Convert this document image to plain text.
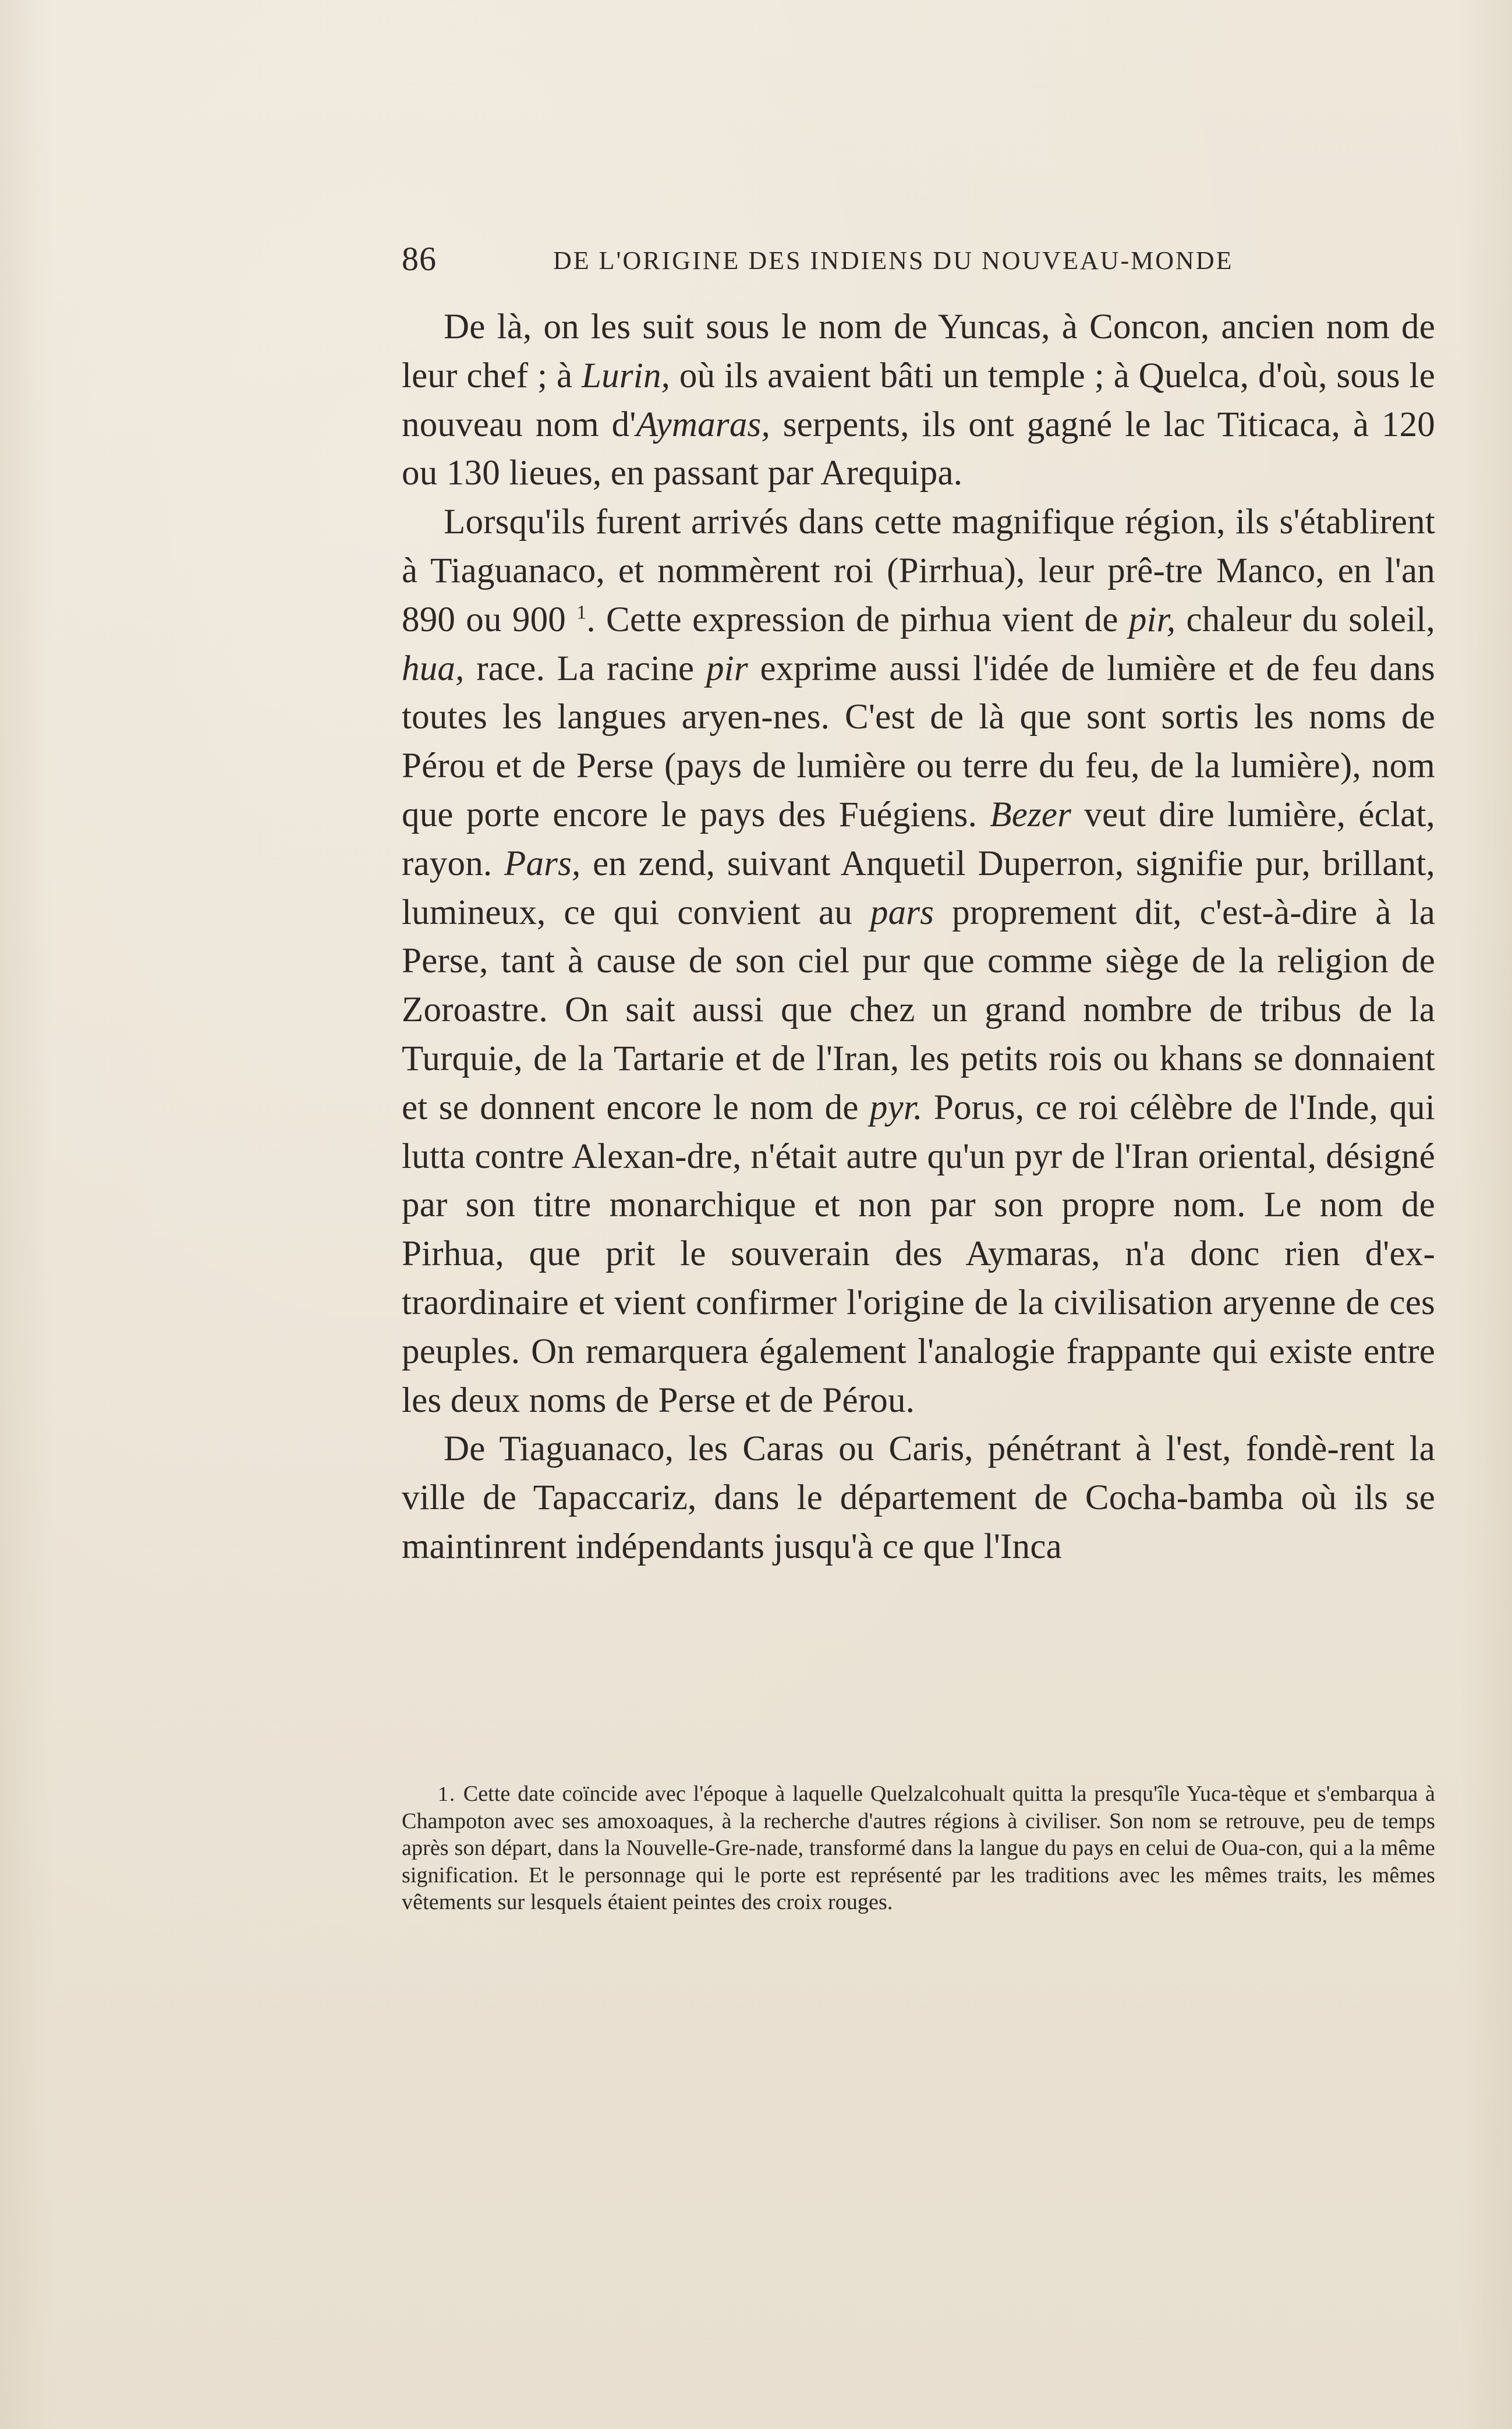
86	DE L'ORIGINE DES INDIENS DU NOUVEAU-MONDE

De là, on les suit sous le nom de Yuncas, à Concon, ancien nom de leur chef ; à Lurin, où ils avaient bâti un temple ; à Quelca, d'où, sous le nouveau nom d'Aymaras, serpents, ils ont gagné le lac Titicaca, à 120 ou 130 lieues, en passant par Arequipa.

Lorsqu'ils furent arrivés dans cette magnifique région, ils s'établirent à Tiaguanaco, et nommèrent roi (Pirrhua), leur prê-tre Manco, en l'an 890 ou 900 $^1$. Cette expression de pirhua vient de pir, chaleur du soleil, hua, race. La racine pir exprime aussi l'idée de lumière et de feu dans toutes les langues aryen-nes. C'est de là que sont sortis les noms de Pérou et de Perse (pays de lumière ou terre du feu, de la lumière), nom que porte encore le pays des Fuégiens. Bezer veut dire lumière, éclat, rayon. Pars, en zend, suivant Anquetil Duperron, signifie pur, brillant, lumineux, ce qui convient au pars proprement dit, c'est-à-dire à la Perse, tant à cause de son ciel pur que comme siège de la religion de Zoroastre. On sait aussi que chez un grand nombre de tribus de la Turquie, de la Tartarie et de l'Iran, les petits rois ou khans se donnaient et se donnent encore le nom de pyr. Porus, ce roi célèbre de l'Inde, qui lutta contre Alexan-dre, n'était autre qu'un pyr de l'Iran oriental, désigné par son titre monarchique et non par son propre nom. Le nom de Pirhua, que prit le souverain des Aymaras, n'a donc rien d'ex-traordinaire et vient confirmer l'origine de la civilisation aryenne de ces peuples. On remarquera également l'analogie frappante qui existe entre les deux noms de Perse et de Pérou.

De Tiaguanaco, les Caras ou Caris, pénétrant à l'est, fondè-rent la ville de Tapaccariz, dans le département de Cocha-bamba où ils se maintinrent indépendants jusqu'à ce que l'Inca

1. Cette date coïncide avec l'époque à laquelle Quelzalcohualt quitta la presqu'île Yuca-tèque et s'embarqua à Champoton avec ses amoxoaques, à la recherche d'autres régions à civiliser. Son nom se retrouve, peu de temps après son départ, dans la Nouvelle-Gre-nade, transformé dans la langue du pays en celui de Oua-con, qui a la même signification. Et le personnage qui le porte est représenté par les traditions avec les mêmes traits, les mêmes vêtements sur lesquels étaient peintes des croix rouges.
